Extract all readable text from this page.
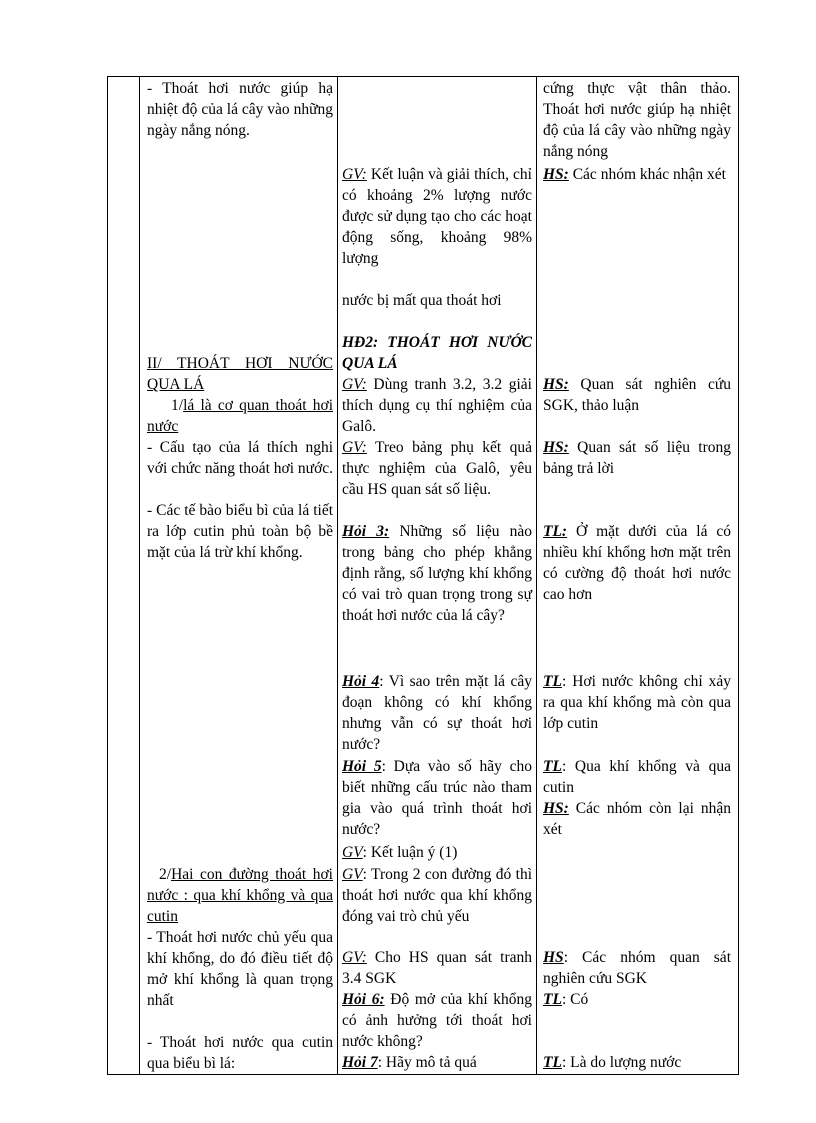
- Thoát hơi nước giúp hạ nhiệt độ của lá cây vào những ngày nắng nóng.
II/ THOÁT HƠI NƯỚC QUA LÁ
1/lá là cơ quan thoát hơi nước
- Cấu tạo của lá thích nghi với chức năng thoát hơi nước.
- Các tế bào biểu bì của lá tiết ra lớp cutin phủ toàn bộ bề mặt của lá trừ khí khổng.
2/Hai con đường thoát hơi nước : qua khí khổng và qua cutin
- Thoát hơi nước chủ yếu qua khí khổng, do đó điều tiết độ mở khí khổng là quan trọng nhất
- Thoát hơi nước qua cutin qua biểu bì lá:
GV: Kết luận và giải thích, chỉ có khoảng 2% lượng nước được sử dụng tạo cho các hoạt động sống, khoảng 98% lượng
nước bị mất qua thoát hơi
HĐ2: THOÁT HƠI NƯỚC QUA LÁ
GV: Dùng tranh 3.2, 3.2 giải thích dụng cụ thí nghiệm của Galô.
GV: Treo bảng phụ kết quả thực nghiệm của Galô, yêu cầu HS quan sát số liệu.
Hỏi 3: Những số liệu nào trong bảng cho phép khẳng định rằng, số lượng khí khổng có vai trò quan trọng trong sự thoát hơi nước của lá cây?
Hỏi 4: Vì sao trên mặt lá cây đoạn không có khí khổng nhưng vẫn có sự thoát hơi nước?
Hỏi 5: Dựa vào số hãy cho biết những cấu trúc nào tham gia vào quá trình thoát hơi nước?
GV: Kết luận ý (1)
GV: Trong 2 con đường đó thì thoát hơi nước qua khí khổng đóng vai trò chủ yếu
GV: Cho HS quan sát tranh 3.4 SGK
Hỏi 6: Độ mở của khí khổng có ảnh hưởng tới thoát hơi nước không?
Hỏi 7: Hãy mô tả quá
cứng thực vật thân thảo. Thoát hơi nước giúp hạ nhiệt độ của lá cây vào những ngày nắng nóng
HS: Các nhóm khác nhận xét
HS: Quan sát nghiên cứu SGK, thảo luận
HS: Quan sát số liệu trong bảng trả lời
TL: Ở mặt dưới của lá có nhiều khí khổng hơn mặt trên có cường độ thoát hơi nước cao hơn
TL: Hơi nước không chỉ xảy ra qua khí khổng mà còn qua lớp cutin
TL: Qua khí khổng và qua cutin
HS: Các nhóm còn lại nhận xét
HS: Các nhóm quan sát nghiên cứu SGK
TL: Có
TL: Là do lượng nước
